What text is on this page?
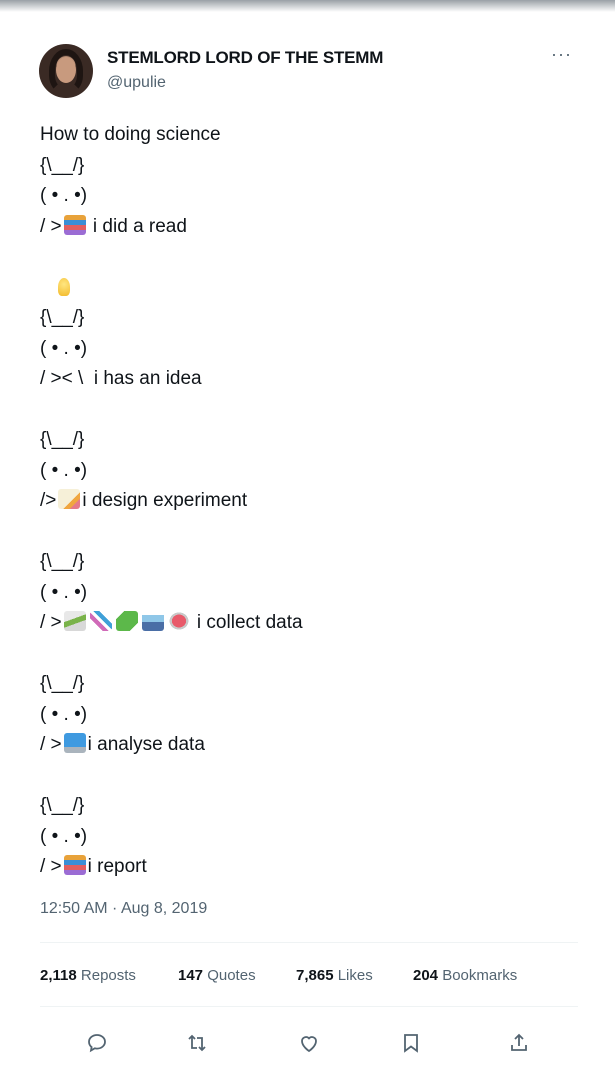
STEMLORD LORD OF THE STEMM
@upulie
···
How to doing science
{\__/}
( • . •)
/ > i did a read
{\__/}
( • . •)
/ >< \  i has an idea
{\__/}
( • . •)
/> i design experiment
{\__/}
( • . •)
/ >	i collect data
{\__/}
( • . •)
/ > i analyse data
{\__/}
( • . •)
/ > i report
12:50 AM · Aug 8, 2019
2,118 Reposts	147 Quotes	7,865 Likes	204 Bookmarks
